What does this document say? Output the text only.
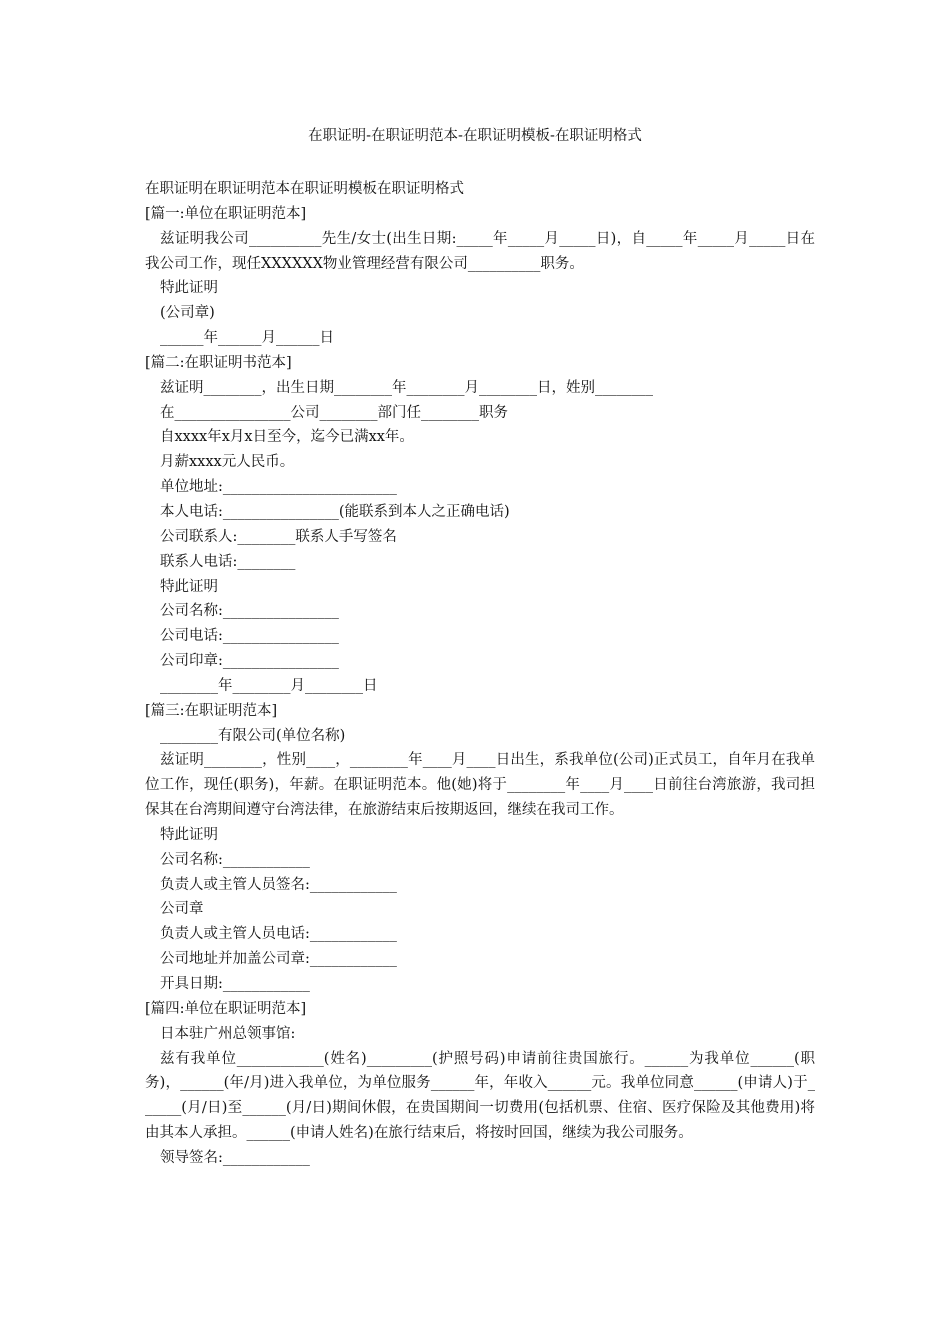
在职证明-在职证明范本-在职证明模板-在职证明格式
在职证明在职证明范本在职证明模板在职证明格式
[篇一:单位在职证明范本]
兹证明我公司__________先生/女士(出生日期:_____年_____月_____日)，自_____年_____月_____日在我公司工作，现任XXXXXX物业管理经营有限公司__________职务。
特此证明
(公司章)
______年______月______日
[篇二:在职证明书范本]
兹证明________，出生日期________年________月________日，姓别________
在________________公司________部门任________职务
自xxxx年x月x日至今，迄今已满xx年。
月薪xxxx元人民币。
单位地址:________________________
本人电话:________________(能联系到本人之正确电话)
公司联系人:________联系人手写签名
联系人电话:________
特此证明
公司名称:________________
公司电话:________________
公司印章:________________
________年________月________日
[篇三:在职证明范本]
________有限公司(单位名称)
兹证明________，性别____，________年____月____日出生，系我单位(公司)正式员工，自年月在我单位工作，现任(职务)，年薪。在职证明范本。他(她)将于________年____月____日前往台湾旅游，我司担保其在台湾期间遵守台湾法律，在旅游结束后按期返回，继续在我司工作。
特此证明
公司名称:____________
负责人或主管人员签名:____________
公司章
负责人或主管人员电话:____________
公司地址并加盖公司章:____________
开具日期:____________
[篇四:单位在职证明范本]
日本驻广州总领事馆:
兹有我单位____________(姓名)_________(护照号码)申请前往贵国旅行。______为我单位______(职务)，______(年/月)进入我单位，为单位服务______年，年收入______元。我单位同意______(申请人)于______(月/日)至______(月/日)期间休假，在贵国期间一切费用(包括机票、住宿、医疗保险及其他费用)将由其本人承担。______(申请人姓名)在旅行结束后，将按时回国，继续为我公司服务。
领导签名:____________
